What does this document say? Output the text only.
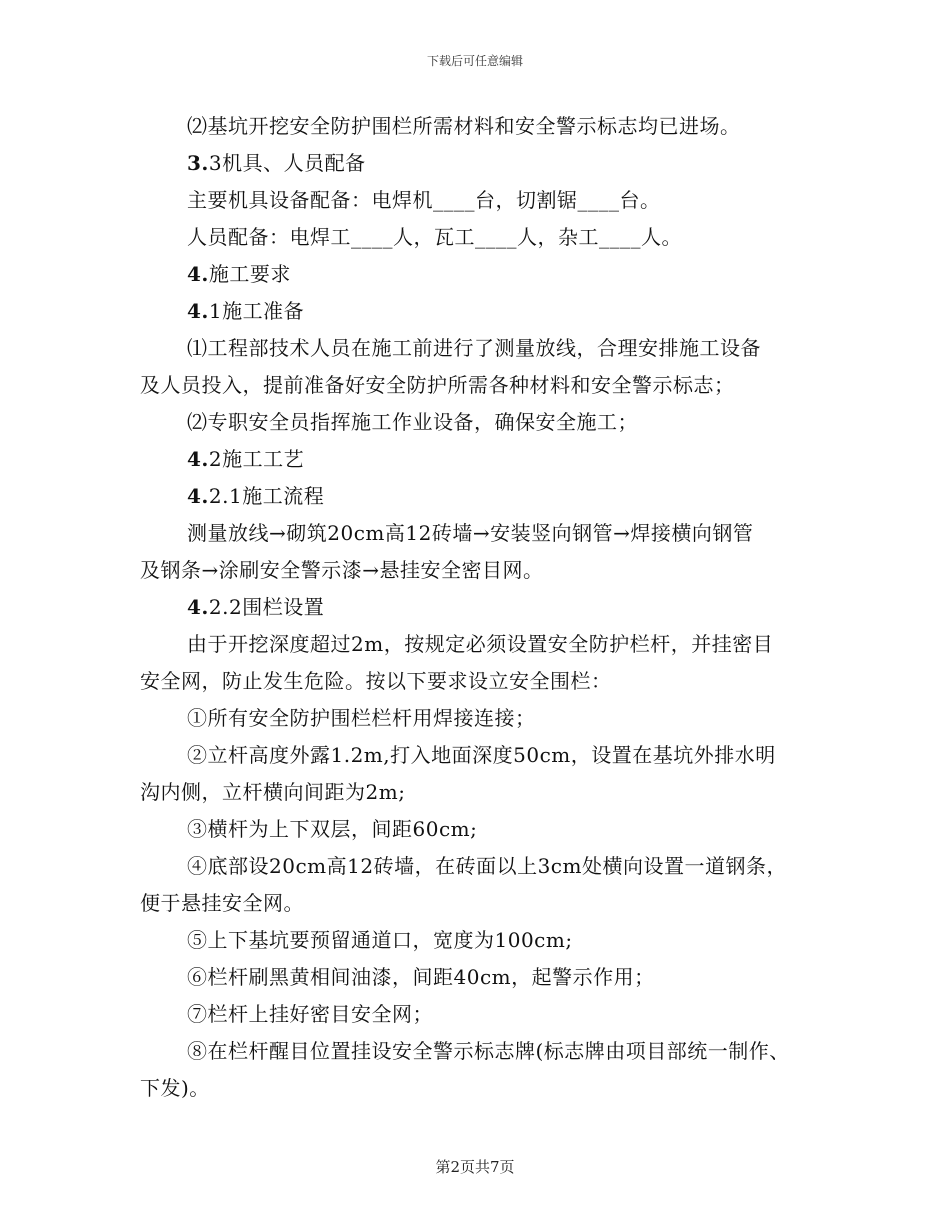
下载后可任意编辑
⑵基坑开挖安全防护围栏所需材料和安全警示标志均已进场。
3.3机具、人员配备
主要机具设备配备：电焊机____台，切割锯____台。
人员配备：电焊工____人，瓦工____人，杂工____人。
4.施工要求
4.1施工准备
⑴工程部技术人员在施工前进行了测量放线，合理安排施工设备
及人员投入，提前准备好安全防护所需各种材料和安全警示标志；
⑵专职安全员指挥施工作业设备，确保安全施工；
4.2施工工艺
4.2.1施工流程
测量放线→砌筑20cm高12砖墙→安装竖向钢管→焊接横向钢管
及钢条→涂刷安全警示漆→悬挂安全密目网。
4.2.2围栏设置
由于开挖深度超过2m，按规定必须设置安全防护栏杆，并挂密目
安全网，防止发生危险。按以下要求设立安全围栏：
①所有安全防护围栏栏杆用焊接连接；
②立杆高度外露1.2m,打入地面深度50cm，设置在基坑外排水明
沟内侧，立杆横向间距为2m;
③横杆为上下双层，间距60cm;
④底部设20cm高12砖墙，在砖面以上3cm处横向设置一道钢条，
便于悬挂安全网。
⑤上下基坑要预留通道口，宽度为100cm;
⑥栏杆刷黑黄相间油漆，间距40cm，起警示作用；
⑦栏杆上挂好密目安全网；
⑧在栏杆醒目位置挂设安全警示标志牌(标志牌由项目部统一制作、
下发)。
第2页共7页
